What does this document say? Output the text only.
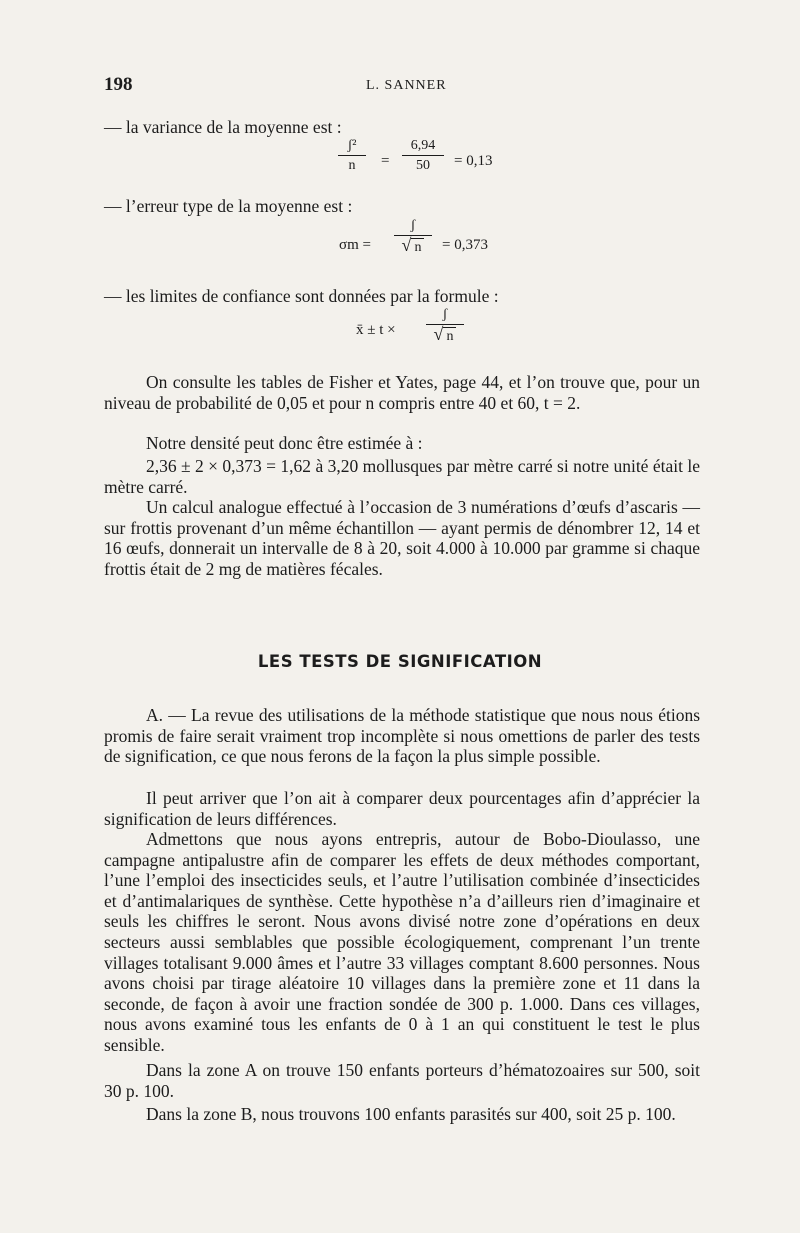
198	L. SANNER
— la variance de la moyenne est :
ʃ²
n	=
6,94
50	= 0,13
— l’erreur type de la moyenne est :
σm =
ʃ
√ n	= 0,373
— les limites de confiance sont données par la formule :
x̄ ± t ×
ʃ
√ n
On consulte les tables de Fisher et Yates, page 44, et l’on trouve que, pour un niveau de probabilité de 0,05 et pour n compris entre 40 et 60, t = 2.
Notre densité peut donc être estimée à :
2,36 ± 2 × 0,373 = 1,62 à 3,20 mollusques par mètre carré si notre unité était le mètre carré.
Un calcul analogue effectué à l’occasion de 3 numérations d’œufs d’ascaris — sur frottis provenant d’un même échantillon — ayant permis de dénombrer 12, 14 et 16 œufs, donnerait un intervalle de 8 à 20, soit 4.000 à 10.000 par gramme si chaque frottis était de 2 mg de matières fécales.
LES TESTS DE SIGNIFICATION
A. — La revue des utilisations de la méthode statistique que nous nous étions promis de faire serait vraiment trop incomplète si nous omettions de parler des tests de signification, ce que nous ferons de la façon la plus simple possible.
Il peut arriver que l’on ait à comparer deux pourcentages afin d’apprécier la signification de leurs différences.
Admettons que nous ayons entrepris, autour de Bobo-Dioulasso, une campagne antipalustre afin de comparer les effets de deux méthodes comportant, l’une l’emploi des insecticides seuls, et l’autre l’utilisation combinée d’insecticides et d’antimalariques de synthèse. Cette hypothèse n’a d’ailleurs rien d’imaginaire et seuls les chiffres le seront. Nous avons divisé notre zone d’opérations en deux secteurs aussi semblables que possible écologiquement, comprenant l’un trente villages totalisant 9.000 âmes et l’autre 33 villages comptant 8.600 personnes. Nous avons choisi par tirage aléatoire 10 villages dans la première zone et 11 dans la seconde, de façon à avoir une fraction sondée de 300 p. 1.000. Dans ces villages, nous avons examiné tous les enfants de 0 à 1 an qui constituent le test le plus sensible.
Dans la zone A on trouve 150 enfants porteurs d’hématozoaires sur 500, soit 30 p. 100.
Dans la zone B, nous trouvons 100 enfants parasités sur 400, soit 25 p. 100.
